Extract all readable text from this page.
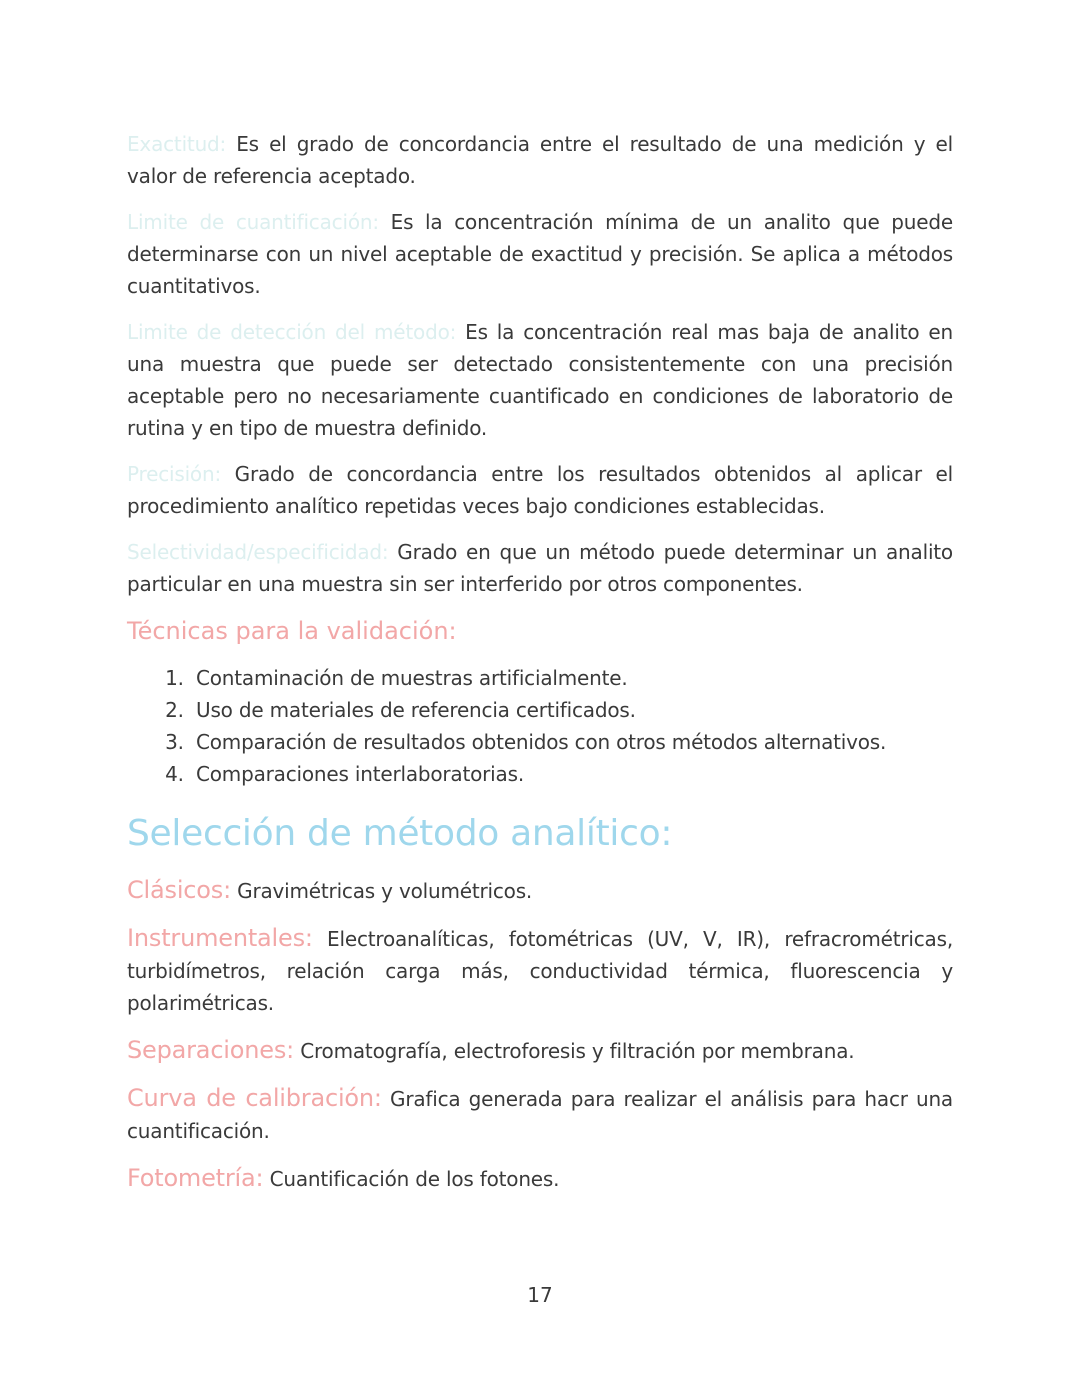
Exactitud: Es el grado de concordancia entre el resultado de una medición y el valor de referencia aceptado.

Limite de cuantificación: Es la concentración mínima de un analito que puede determinarse con un nivel aceptable de exactitud y precisión. Se aplica a métodos cuantitativos.

Limite de detección del método: Es la concentración real mas baja de analito en una muestra que puede ser detectado consistentemente con una precisión aceptable pero no necesariamente cuantificado en condiciones de laboratorio de rutina y en tipo de muestra definido.

Precisión: Grado de concordancia entre los resultados obtenidos al aplicar el procedimiento analítico repetidas veces bajo condiciones establecidas.

Selectividad/especificidad: Grado en que un método puede determinar un analito particular en una muestra sin ser interferido por otros componentes.

Técnicas para la validación:
1. Contaminación de muestras artificialmente.
2. Uso de materiales de referencia certificados.
3. Comparación de resultados obtenidos con otros métodos alternativos.
4. Comparaciones interlaboratorias.
Selección de método analítico:

Clásicos: Gravimétricas y volumétricos.

Instrumentales: Electroanalíticas, fotométricas (UV, V, IR), refracrométricas, turbidímetros, relación carga más, conductividad térmica, fluorescencia y polarimétricas.

Separaciones: Cromatografía, electroforesis y filtración por membrana.

Curva de calibración: Grafica generada para realizar el análisis para hacr una cuantificación.

Fotometría: Cuantificación de los fotones.

17
